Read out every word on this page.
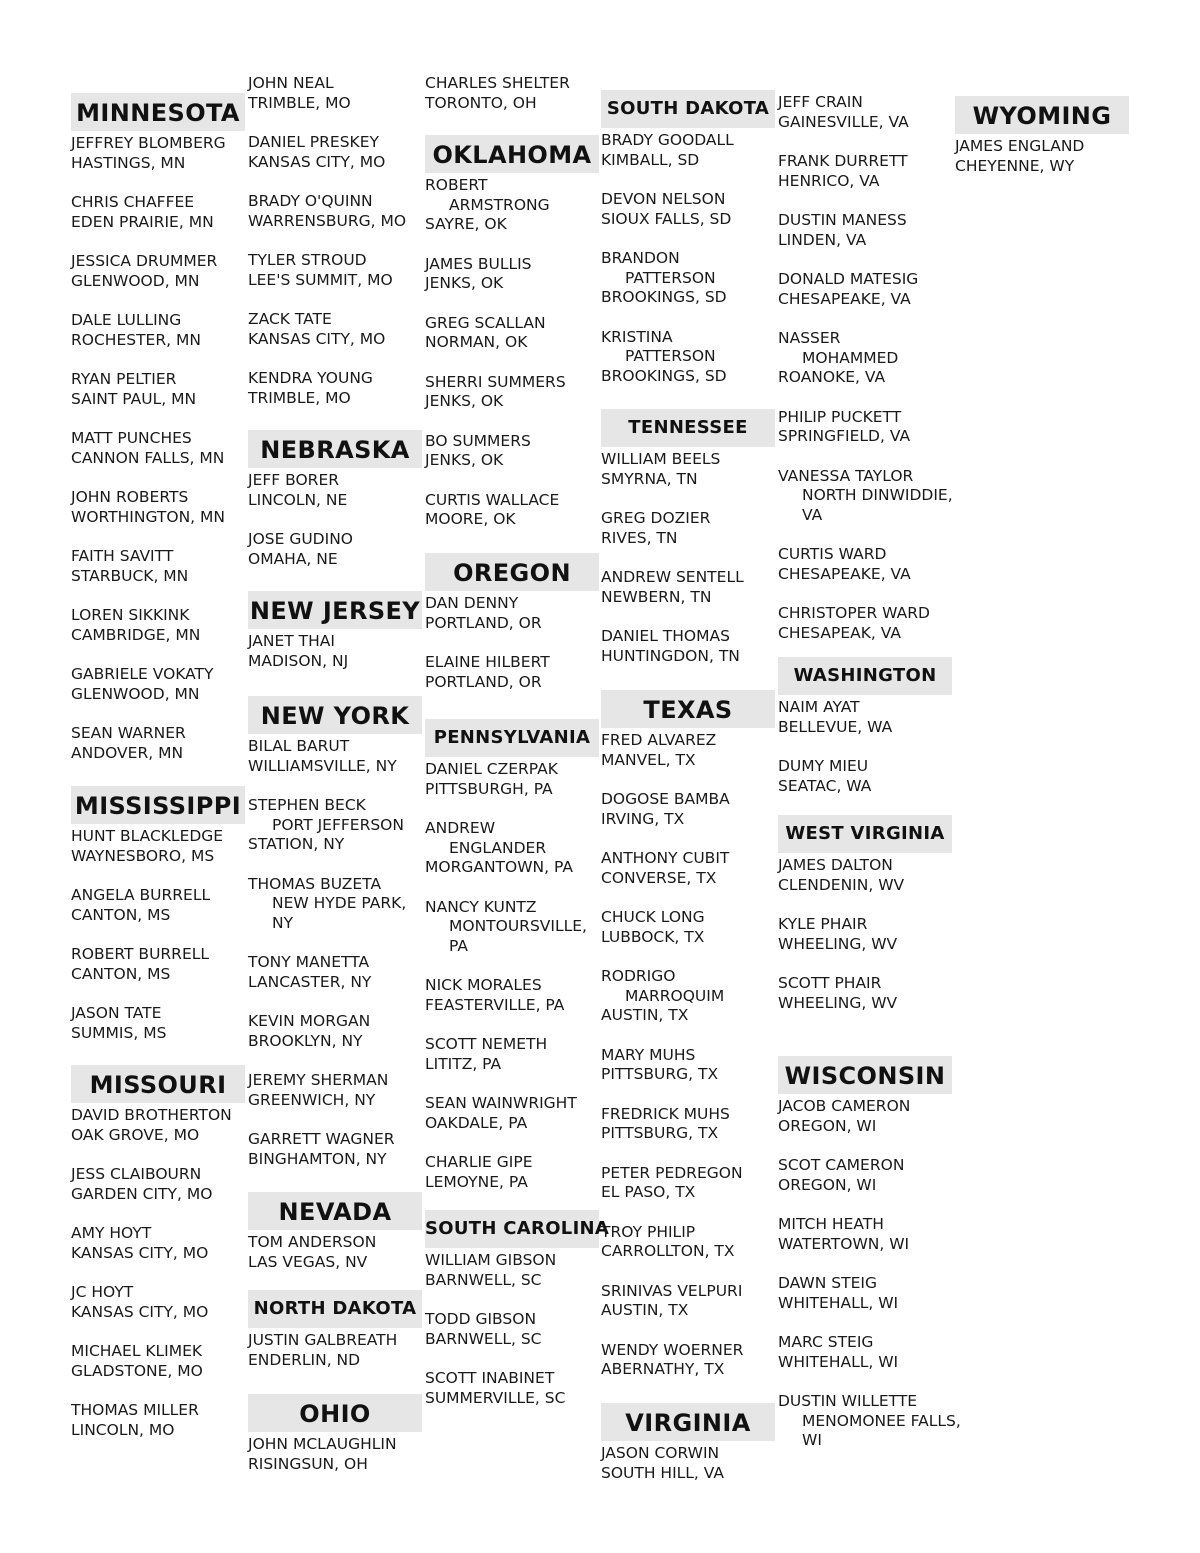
MINNESOTA
JEFFREY BLOMBERG
HASTINGS, MN
CHRIS CHAFFEE
EDEN PRAIRIE, MN
JESSICA DRUMMER
GLENWOOD, MN
DALE LULLING
ROCHESTER, MN
RYAN PELTIER
SAINT PAUL, MN
MATT PUNCHES
CANNON FALLS, MN
JOHN ROBERTS
WORTHINGTON, MN
FAITH SAVITT
STARBUCK, MN
LOREN SIKKINK
CAMBRIDGE, MN
GABRIELE VOKATY
GLENWOOD, MN
SEAN WARNER
ANDOVER, MN
MISSISSIPPI
HUNT BLACKLEDGE
WAYNESBORO, MS
ANGELA BURRELL
CANTON, MS
ROBERT BURRELL
CANTON, MS
JASON TATE
SUMMIS, MS
MISSOURI
DAVID BROTHERTON
OAK GROVE, MO
JESS CLAIBOURN
GARDEN CITY, MO
AMY HOYT
KANSAS CITY, MO
JC HOYT
KANSAS CITY, MO
MICHAEL KLIMEK
GLADSTONE, MO
THOMAS MILLER
LINCOLN, MO
JOHN NEAL
TRIMBLE, MO
DANIEL PRESKEY
KANSAS CITY, MO
BRADY O'QUINN
WARRENSBURG, MO
TYLER STROUD
LEE'S SUMMIT, MO
ZACK TATE
KANSAS CITY, MO
KENDRA YOUNG
TRIMBLE, MO
NEBRASKA
JEFF BORER
LINCOLN, NE
JOSE GUDINO
OMAHA, NE
NEW JERSEY
JANET THAI
MADISON, NJ
NEW YORK
BILAL BARUT
WILLIAMSVILLE, NY
STEPHEN BECK
PORT JEFFERSON
STATION, NY
THOMAS BUZETA
NEW HYDE PARK,
NY
TONY MANETTA
LANCASTER, NY
KEVIN MORGAN
BROOKLYN, NY
JEREMY SHERMAN
GREENWICH, NY
GARRETT WAGNER
BINGHAMTON, NY
NEVADA
TOM ANDERSON
LAS VEGAS, NV
NORTH DAKOTA
JUSTIN GALBREATH
ENDERLIN, ND
OHIO
JOHN MCLAUGHLIN
RISINGSUN, OH
CHARLES SHELTER
TORONTO, OH
OKLAHOMA
ROBERT
ARMSTRONG
SAYRE, OK
JAMES BULLIS
JENKS, OK
GREG SCALLAN
NORMAN, OK
SHERRI SUMMERS
JENKS, OK
BO SUMMERS
JENKS, OK
CURTIS WALLACE
MOORE, OK
OREGON
DAN DENNY
PORTLAND, OR
ELAINE HILBERT
PORTLAND, OR
PENNSYLVANIA
DANIEL CZERPAK
PITTSBURGH, PA
ANDREW
ENGLANDER
MORGANTOWN, PA
NANCY KUNTZ
MONTOURSVILLE,
PA
NICK MORALES
FEASTERVILLE, PA
SCOTT NEMETH
LITITZ, PA
SEAN WAINWRIGHT
OAKDALE, PA
CHARLIE GIPE
LEMOYNE, PA
SOUTH CAROLINA
WILLIAM GIBSON
BARNWELL, SC
TODD GIBSON
BARNWELL, SC
SCOTT INABINET
SUMMERVILLE, SC
SOUTH DAKOTA
BRADY GOODALL
KIMBALL, SD
DEVON NELSON
SIOUX FALLS, SD
BRANDON
PATTERSON
BROOKINGS, SD
KRISTINA
PATTERSON
BROOKINGS, SD
TENNESSEE
WILLIAM BEELS
SMYRNA, TN
GREG DOZIER
RIVES, TN
ANDREW SENTELL
NEWBERN, TN
DANIEL THOMAS
HUNTINGDON, TN
TEXAS
FRED ALVAREZ
MANVEL, TX
DOGOSE BAMBA
IRVING, TX
ANTHONY CUBIT
CONVERSE, TX
CHUCK LONG
LUBBOCK, TX
RODRIGO
MARROQUIM
AUSTIN, TX
MARY MUHS
PITTSBURG, TX
FREDRICK MUHS
PITTSBURG, TX
PETER PEDREGON
EL PASO, TX
TROY PHILIP
CARROLLTON, TX
SRINIVAS VELPURI
AUSTIN, TX
WENDY WOERNER
ABERNATHY, TX
VIRGINIA
JASON CORWIN
SOUTH HILL, VA
JEFF CRAIN
GAINESVILLE, VA
FRANK DURRETT
HENRICO, VA
DUSTIN MANESS
LINDEN, VA
DONALD MATESIG
CHESAPEAKE, VA
NASSER
MOHAMMED
ROANOKE, VA
PHILIP PUCKETT
SPRINGFIELD, VA
VANESSA TAYLOR
NORTH DINWIDDIE,
VA
CURTIS WARD
CHESAPEAKE, VA
CHRISTOPER WARD
CHESAPEAK, VA
WASHINGTON
NAIM AYAT
BELLEVUE, WA
DUMY MIEU
SEATAC, WA
WEST VIRGINIA
JAMES DALTON
CLENDENIN, WV
KYLE PHAIR
WHEELING, WV
SCOTT PHAIR
WHEELING, WV
WISCONSIN
JACOB CAMERON
OREGON, WI
SCOT CAMERON
OREGON, WI
MITCH HEATH
WATERTOWN, WI
DAWN STEIG
WHITEHALL, WI
MARC STEIG
WHITEHALL, WI
DUSTIN WILLETTE
MENOMONEE FALLS,
WI
WYOMING
JAMES ENGLAND
CHEYENNE, WY
